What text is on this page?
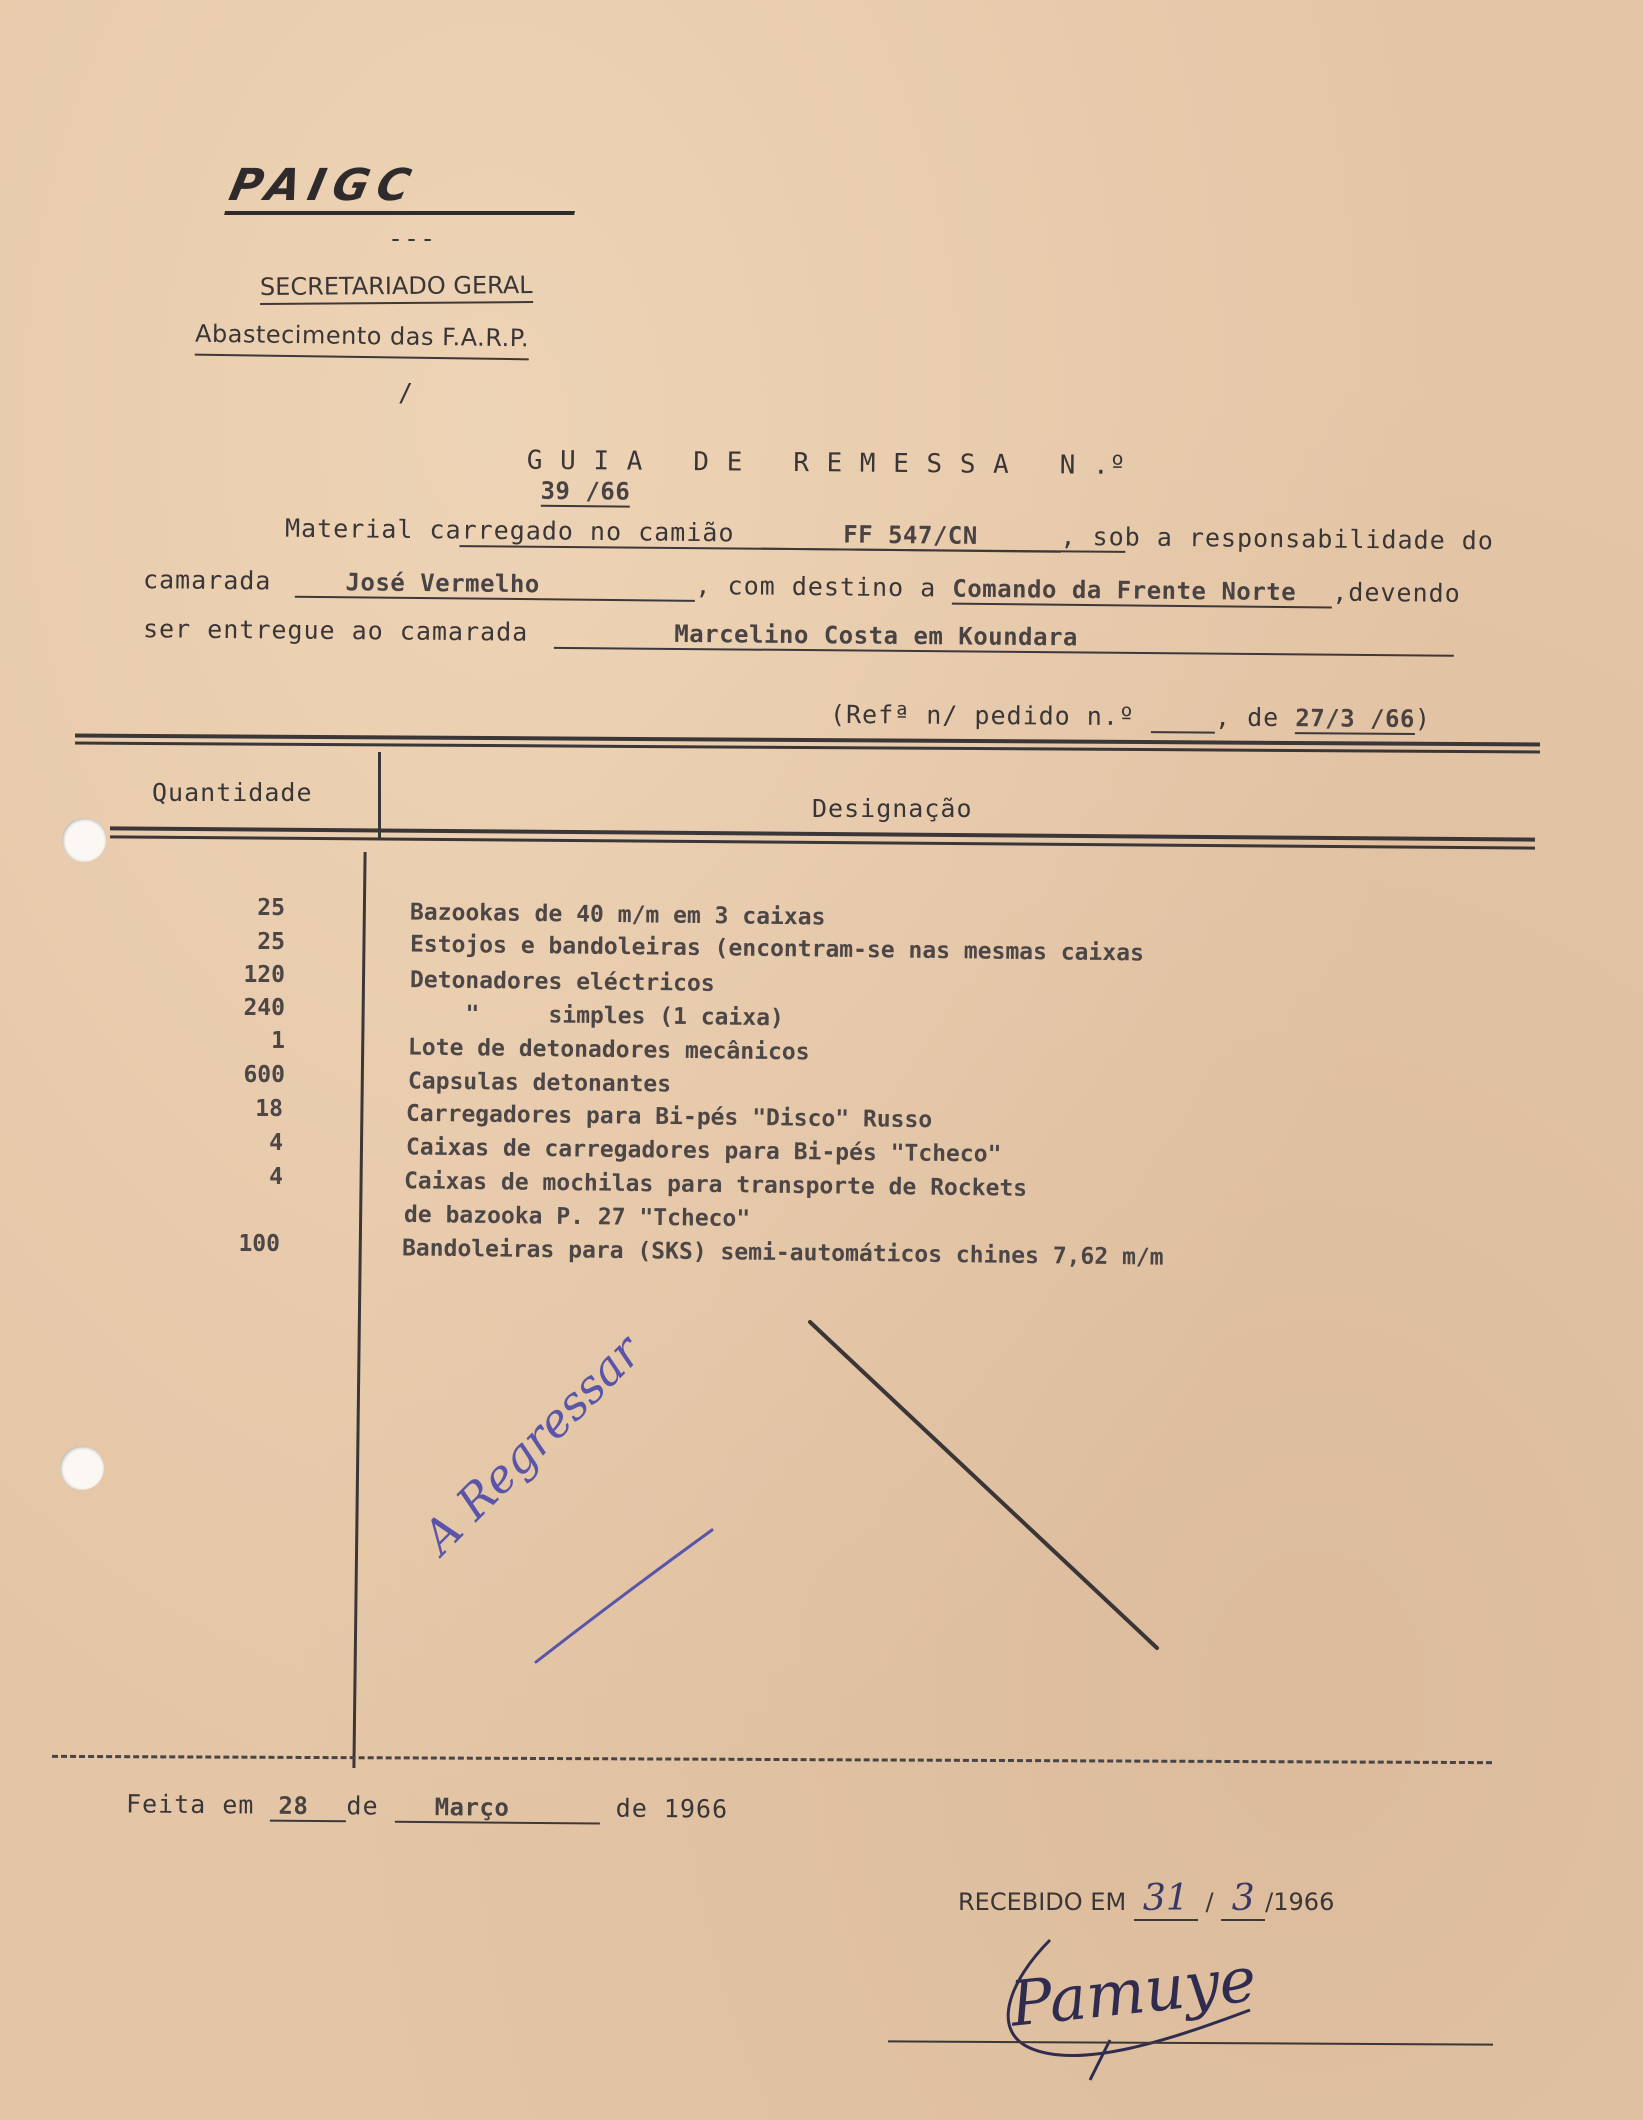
PAIGC
---
SECRETARIADO GERAL
Abastecimento das F.A.R.P.
/

G U I A   D E   R E M E S S A   N .º
39 /66

Material carregado no camião	FF 547/CN	, sob a responsabilidade do
camarada	José Vermelho	, com destino a Comando da Frente Norte ,devendo
ser entregue ao camarada	Marcelino Costa em Koundara
(Refª n/ pedido n.º	, de 27/3 /66)
Quantidade
Designação
25	Bazookas de 40 m/m em 3 caixas
25	Estojos e bandoleiras (encontram-se nas mesmas caixas
120	Detonadores eléctricos
240	"     simples (1 caixa)
1	Lote de detonadores mecânicos
600	Capsulas detonantes
18	Carregadores para Bi-pés "Disco" Russo
4	Caixas de carregadores para Bi-pés "Tcheco"
4	Caixas de mochilas para transporte de Rockets
de bazooka P. 27 "Tcheco"
100	Bandoleiras para (SKS) semi-automáticos chines 7,62 m/m
A Regressar
Feita em 28 de Março	de 1966
RECEBIDO EM 31 / 3 /1966
Pamuye
